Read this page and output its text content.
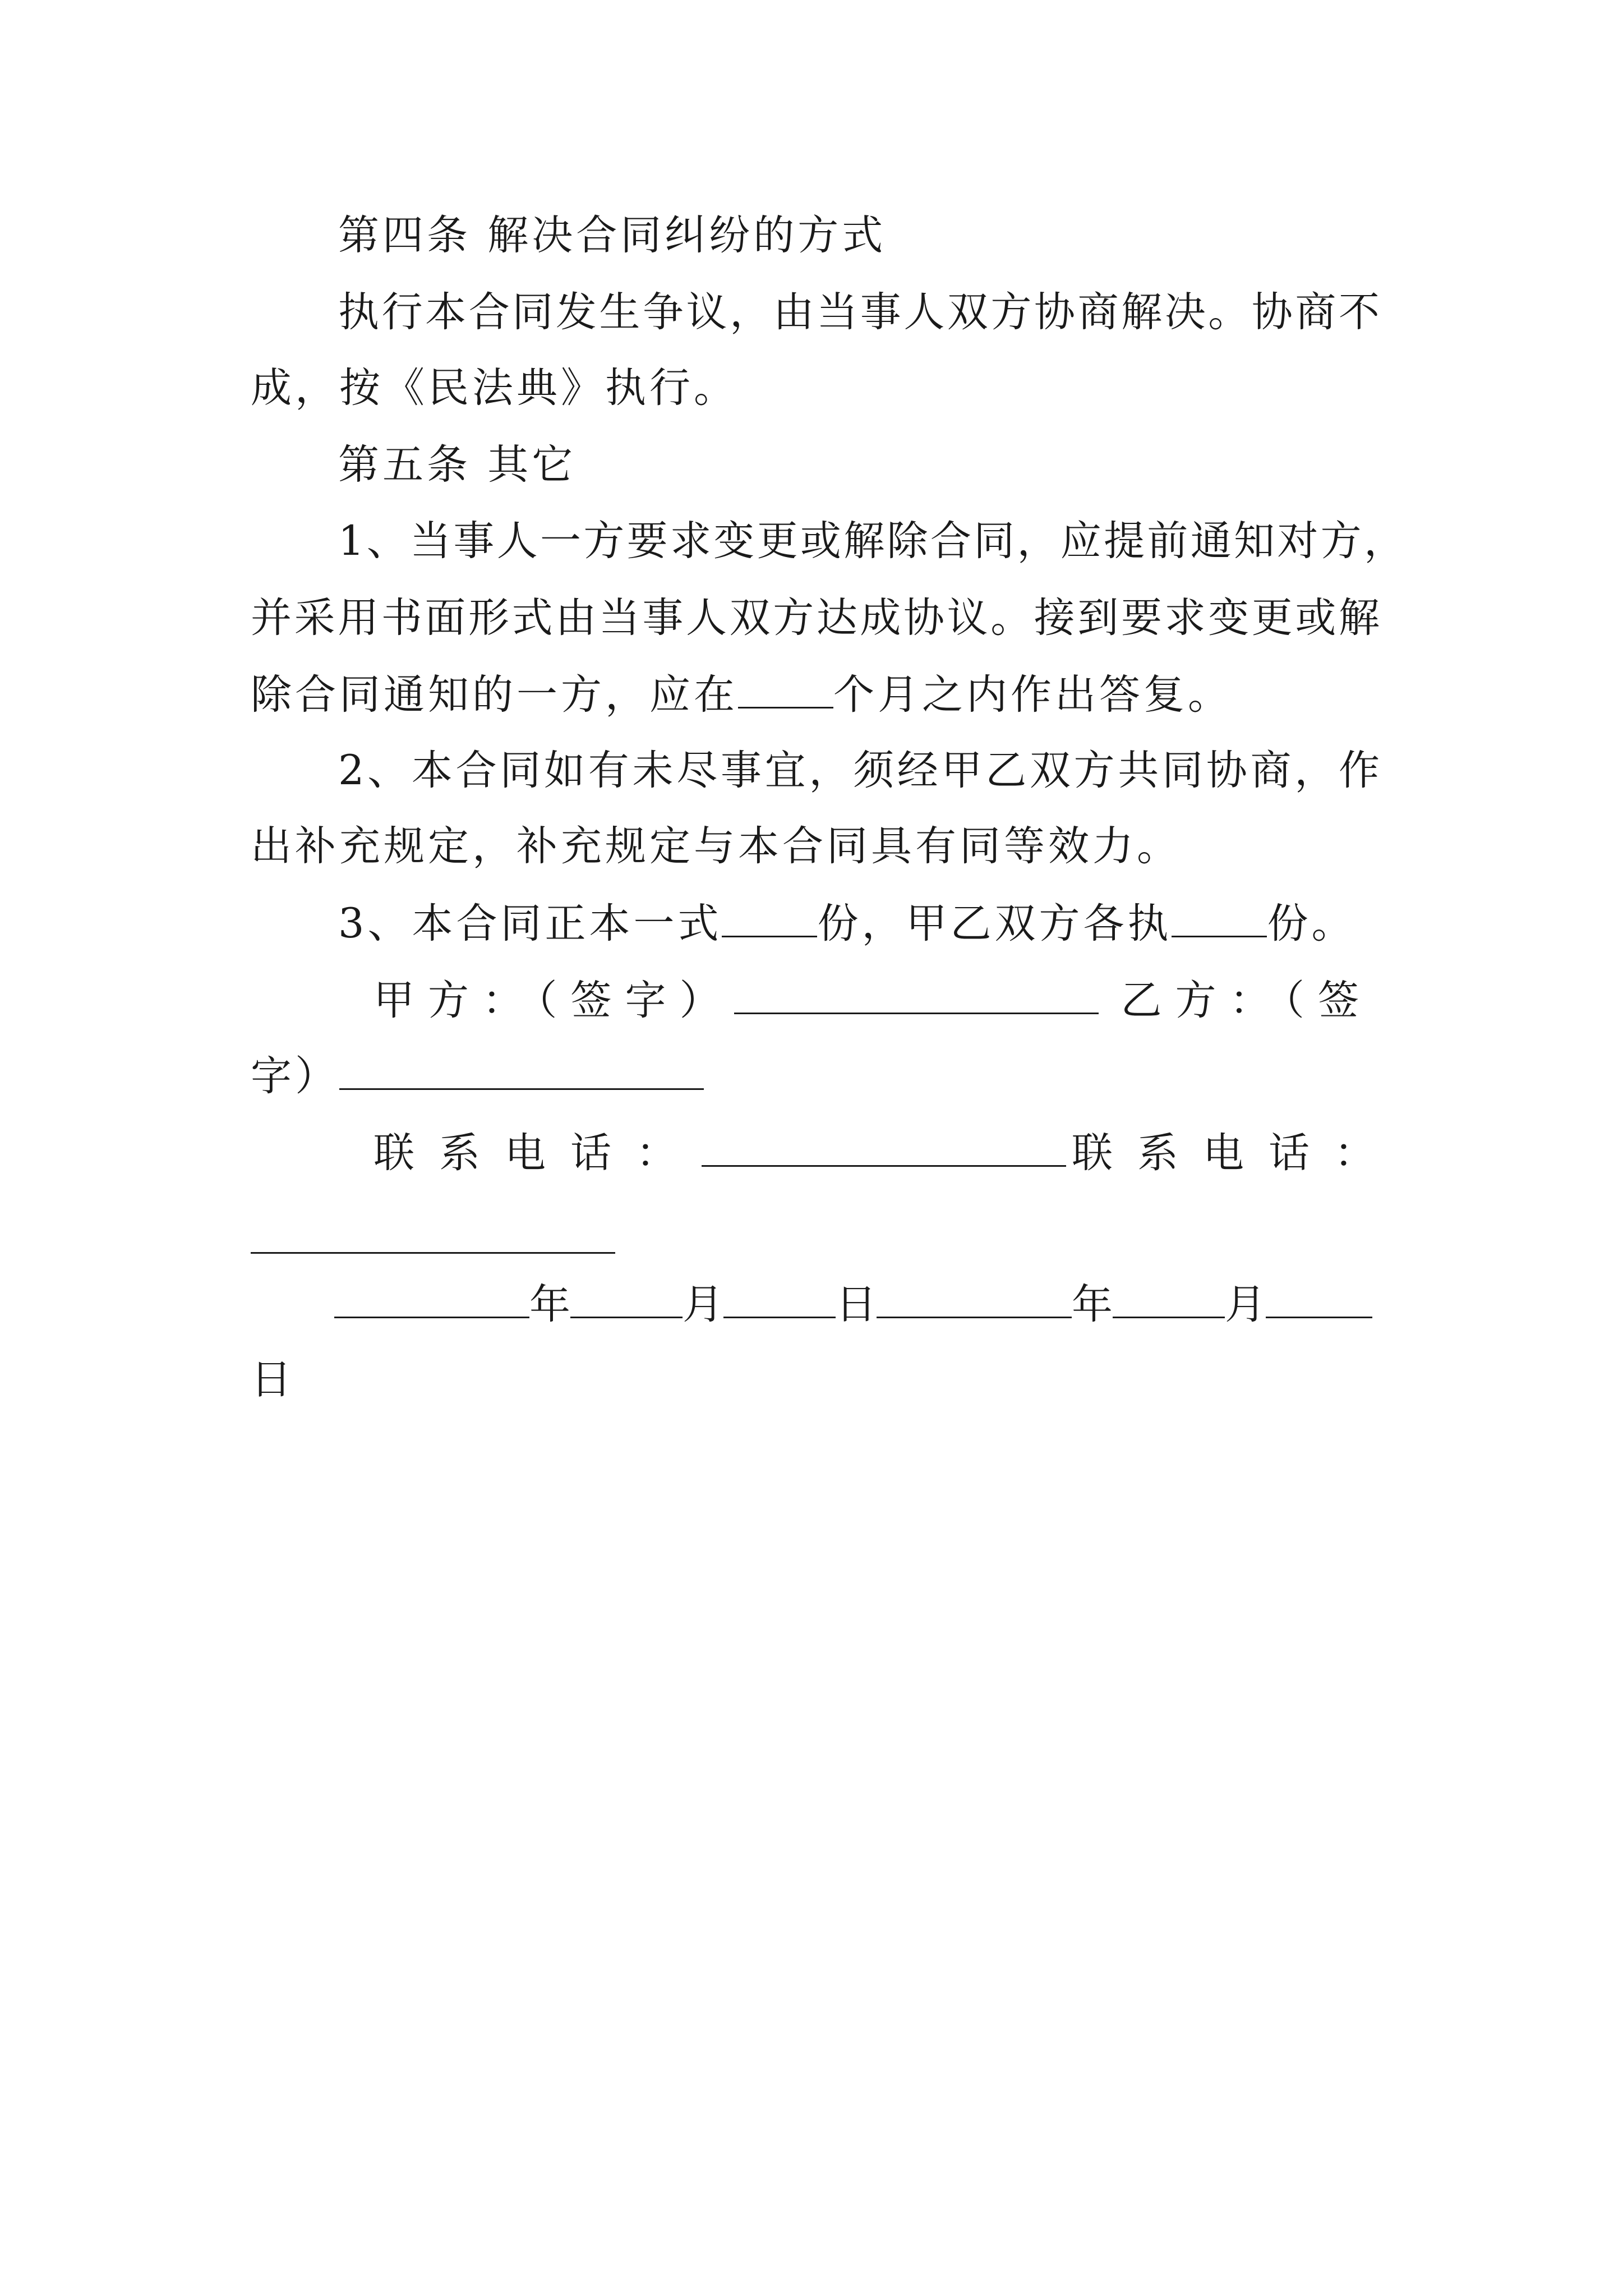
第四条 解决合同纠纷的方式
执行本合同发生争议，由当事人双方协商解决。协商不
成，按《民法典》执行。
第五条 其它
1、当事人一方要求变更或解除合同，应提前通知对方，
并采用书面形式由当事人双方达成协议。接到要求变更或解
除合同通知的一方，应在 个月之内作出答复。
2、本合同如有未尽事宜，须经甲乙双方共同协商，作
出补充规定，补充规定与本合同具有同等效力。
3、本合同正本一式 份，甲乙双方各执 份。
甲方：（签字）	乙方：（签
字）
联系电话：	联系电话：
年	月	日	年	月
日
